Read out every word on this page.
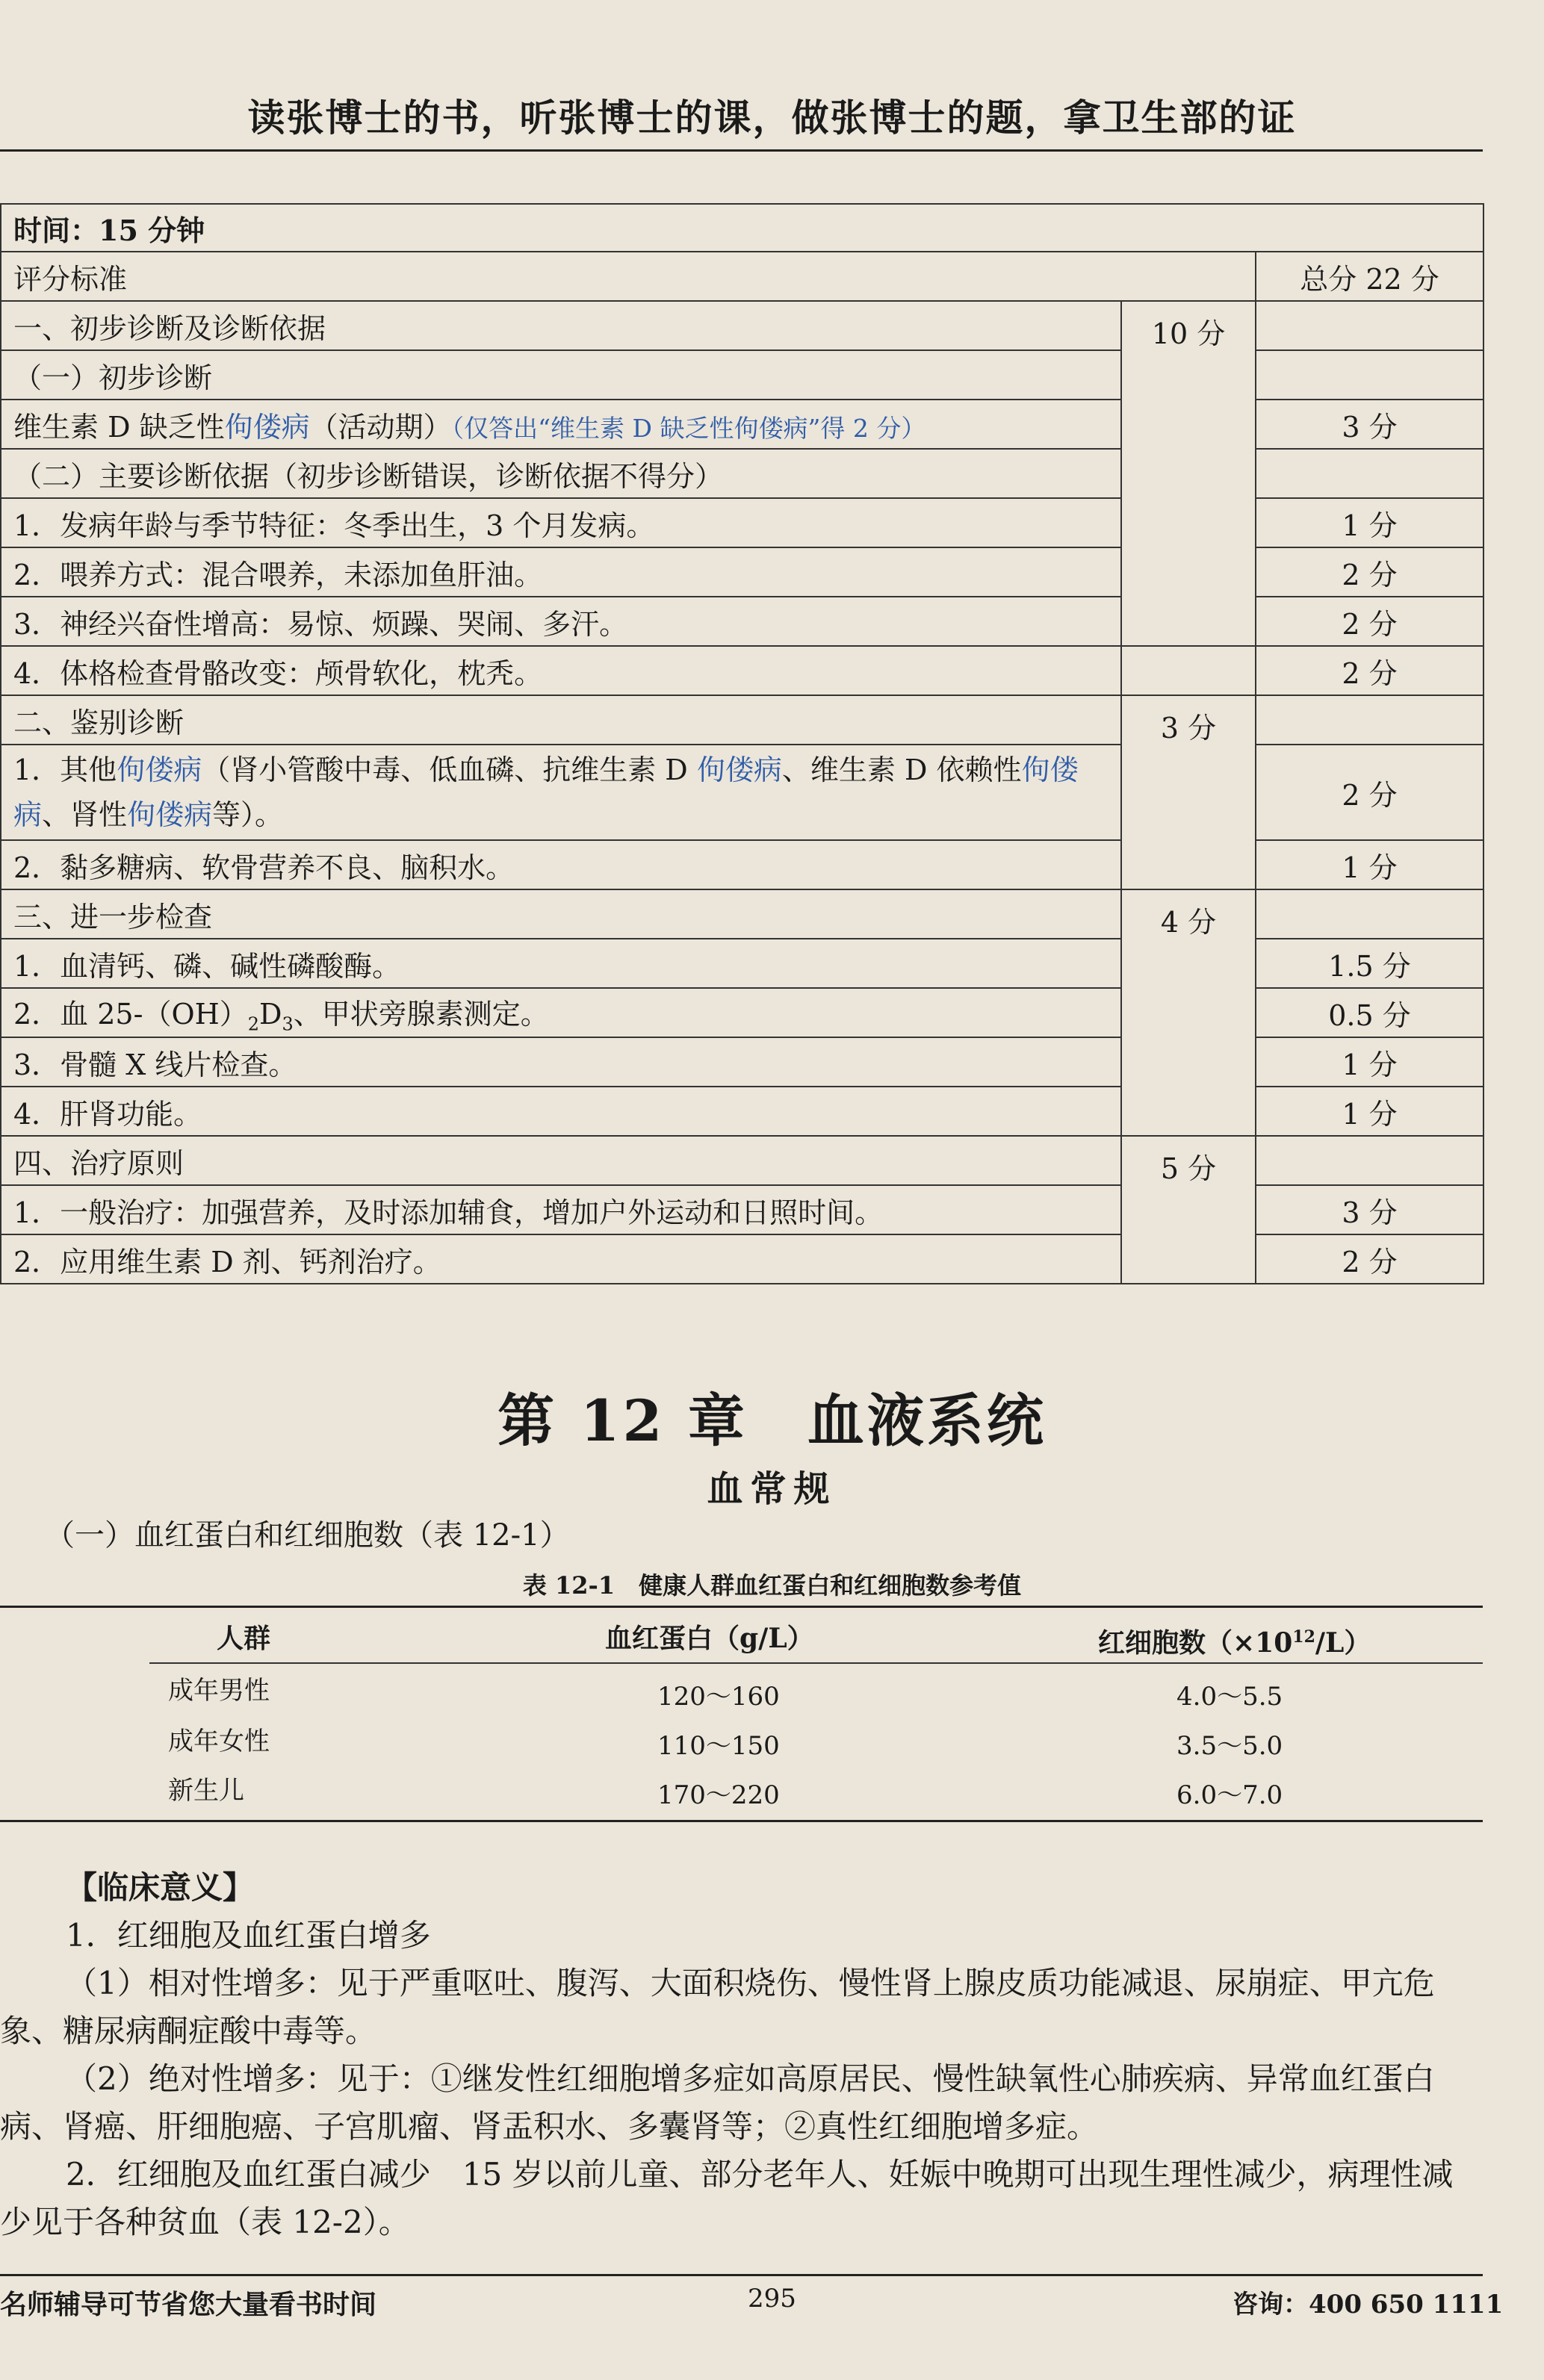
读张博士的书，听张博士的课，做张博士的题，拿卫生部的证
时间：15 分钟		
评分标准		总分 22 分
一、初步诊断及诊断依据	10 分	
（一）初步诊断		
维生素 D 缺乏性佝偻病（活动期）（仅答出“维生素 D 缺乏性佝偻病”得 2 分）		3 分
（二）主要诊断依据（初步诊断错误，诊断依据不得分）		
1．发病年龄与季节特征：冬季出生，3 个月发病。		1 分
2．喂养方式：混合喂养，未添加鱼肝油。		2 分
3．神经兴奋性增高：易惊、烦躁、哭闹、多汗。		2 分
4．体格检查骨骼改变：颅骨软化，枕秃。		2 分
二、鉴别诊断	3 分	
1．其他佝偻病（肾小管酸中毒、低血磷、抗维生素 D 佝偻病、维生素 D 依赖性佝偻病、肾性佝偻病等）。		2 分
2．黏多糖病、软骨营养不良、脑积水。		1 分
三、进一步检查	4 分	
1．血清钙、磷、碱性磷酸酶。		1.5 分
2．血 $25-(OH)_2D_3$、甲状旁腺素测定。		0.5 分
3．骨髓 X 线片检查。		1 分
4．肝肾功能。		1 分
四、治疗原则	5 分	
1．一般治疗：加强营养，及时添加辅食，增加户外运动和日照时间。		3 分
2．应用维生素 D 剂、钙剂治疗。		2 分
第 12 章　血液系统
血常规
（一）血红蛋白和红细胞数（表 12-1）
表 12-1　健康人群血红蛋白和红细胞数参考值
人群	血红蛋白（g/L）	红细胞数$(\times 10^{12}/L)$
成年男性	120～160	4.0～5.5
成年女性	110～150	3.5～5.0
新生儿	170～220	6.0～7.0
【临床意义】
1．红细胞及血红蛋白增多
（1）相对性增多：见于严重呕吐、腹泻、大面积烧伤、慢性肾上腺皮质功能减退、尿崩症、甲亢危象、糖尿病酮症酸中毒等。
（2）绝对性增多：见于：①继发性红细胞增多症如高原居民、慢性缺氧性心肺疾病、异常血红蛋白病、肾癌、肝细胞癌、子宫肌瘤、肾盂积水、多囊肾等；②真性红细胞增多症。
2．红细胞及血红蛋白减少　15 岁以前儿童、部分老年人、妊娠中晚期可出现生理性减少，病理性减少见于各种贫血（表 12-2）。
名师辅导可节省您大量看书时间	295	咨询：400 650 1111
